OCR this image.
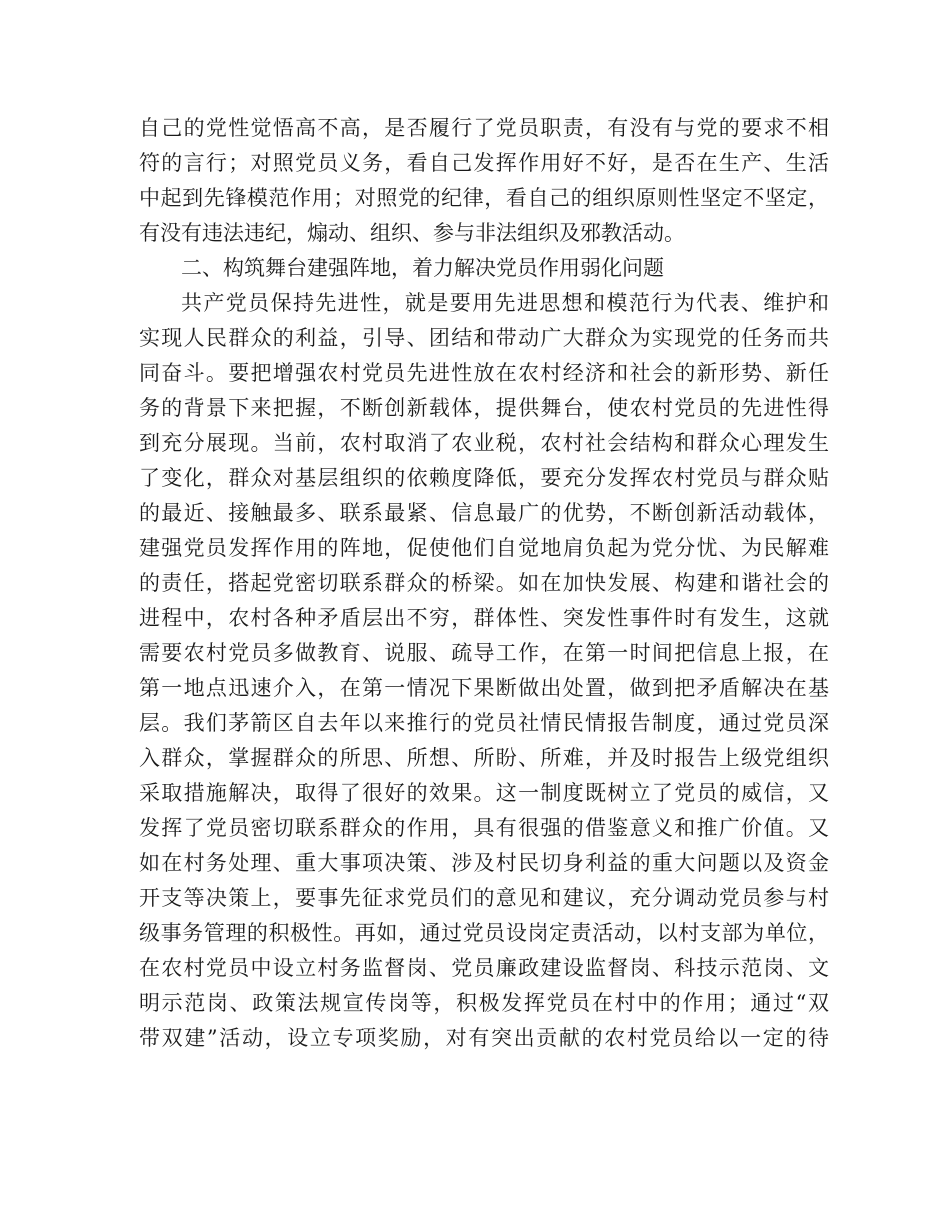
自己的党性觉悟高不高，是否履行了党员职责，有没有与党的要求不相
符的言行；对照党员义务，看自己发挥作用好不好，是否在生产、生活
中起到先锋模范作用；对照党的纪律，看自己的组织原则性坚定不坚定，
有没有违法违纪，煽动、组织、参与非法组织及邪教活动。
二、构筑舞台建强阵地，着力解决党员作用弱化问题
共产党员保持先进性，就是要用先进思想和模范行为代表、维护和
实现人民群众的利益，引导、团结和带动广大群众为实现党的任务而共
同奋斗。要把增强农村党员先进性放在农村经济和社会的新形势、新任
务的背景下来把握，不断创新载体，提供舞台，使农村党员的先进性得
到充分展现。当前，农村取消了农业税，农村社会结构和群众心理发生
了变化，群众对基层组织的依赖度降低，要充分发挥农村党员与群众贴
的最近、接触最多、联系最紧、信息最广的优势，不断创新活动载体，
建强党员发挥作用的阵地，促使他们自觉地肩负起为党分忧、为民解难
的责任，搭起党密切联系群众的桥梁。如在加快发展、构建和谐社会的
进程中，农村各种矛盾层出不穷，群体性、突发性事件时有发生，这就
需要农村党员多做教育、说服、疏导工作，在第一时间把信息上报，在
第一地点迅速介入，在第一情况下果断做出处置，做到把矛盾解决在基
层。我们茅箭区自去年以来推行的党员社情民情报告制度，通过党员深
入群众，掌握群众的所思、所想、所盼、所难，并及时报告上级党组织
采取措施解决，取得了很好的效果。这一制度既树立了党员的威信，又
发挥了党员密切联系群众的作用，具有很强的借鉴意义和推广价值。又
如在村务处理、重大事项决策、涉及村民切身利益的重大问题以及资金
开支等决策上，要事先征求党员们的意见和建议，充分调动党员参与村
级事务管理的积极性。再如，通过党员设岗定责活动，以村支部为单位，
在农村党员中设立村务监督岗、党员廉政建设监督岗、科技示范岗、文
明示范岗、政策法规宣传岗等，积极发挥党员在村中的作用；通过“双
带双建”活动，设立专项奖励，对有突出贡献的农村党员给以一定的待
